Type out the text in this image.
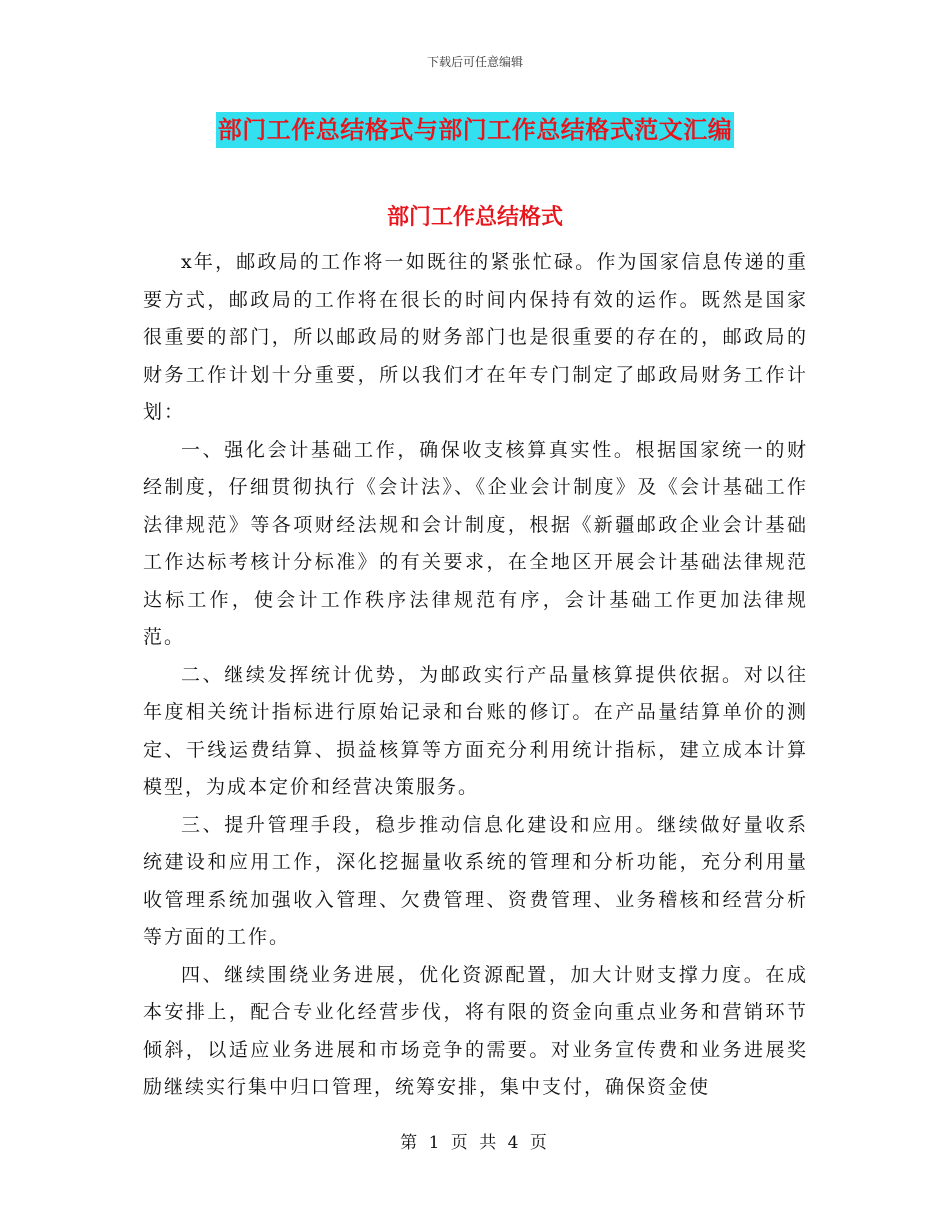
下载后可任意编辑
部门工作总结格式与部门工作总结格式范文汇编
部门工作总结格式

x年，邮政局的工作将一如既往的紧张忙碌。作为国家信息传递的重要方式，邮政局的工作将在很长的时间内保持有效的运作。既然是国家很重要的部门，所以邮政局的财务部门也是很重要的存在的，邮政局的财务工作计划十分重要，所以我们才在年专门制定了邮政局财务工作计划：

一、强化会计基础工作，确保收支核算真实性。根据国家统一的财经制度，仔细贯彻执行《会计法》、《企业会计制度》及《会计基础工作法律规范》等各项财经法规和会计制度，根据《新疆邮政企业会计基础工作达标考核计分标准》的有关要求，在全地区开展会计基础法律规范达标工作，使会计工作秩序法律规范有序，会计基础工作更加法律规范。

二、继续发挥统计优势，为邮政实行产品量核算提供依据。对以往年度相关统计指标进行原始记录和台账的修订。在产品量结算单价的测定、干线运费结算、损益核算等方面充分利用统计指标，建立成本计算模型，为成本定价和经营决策服务。

三、提升管理手段，稳步推动信息化建设和应用。继续做好量收系统建设和应用工作，深化挖掘量收系统的管理和分析功能，充分利用量收管理系统加强收入管理、欠费管理、资费管理、业务稽核和经营分析等方面的工作。

四、继续围绕业务进展，优化资源配置，加大计财支撑力度。在成本安排上，配合专业化经营步伐，将有限的资金向重点业务和营销环节倾斜，以适应业务进展和市场竞争的需要。对业务宣传费和业务进展奖励继续实行集中归口管理，统筹安排，集中支付，确保资金使

第 1 页 共 4 页
